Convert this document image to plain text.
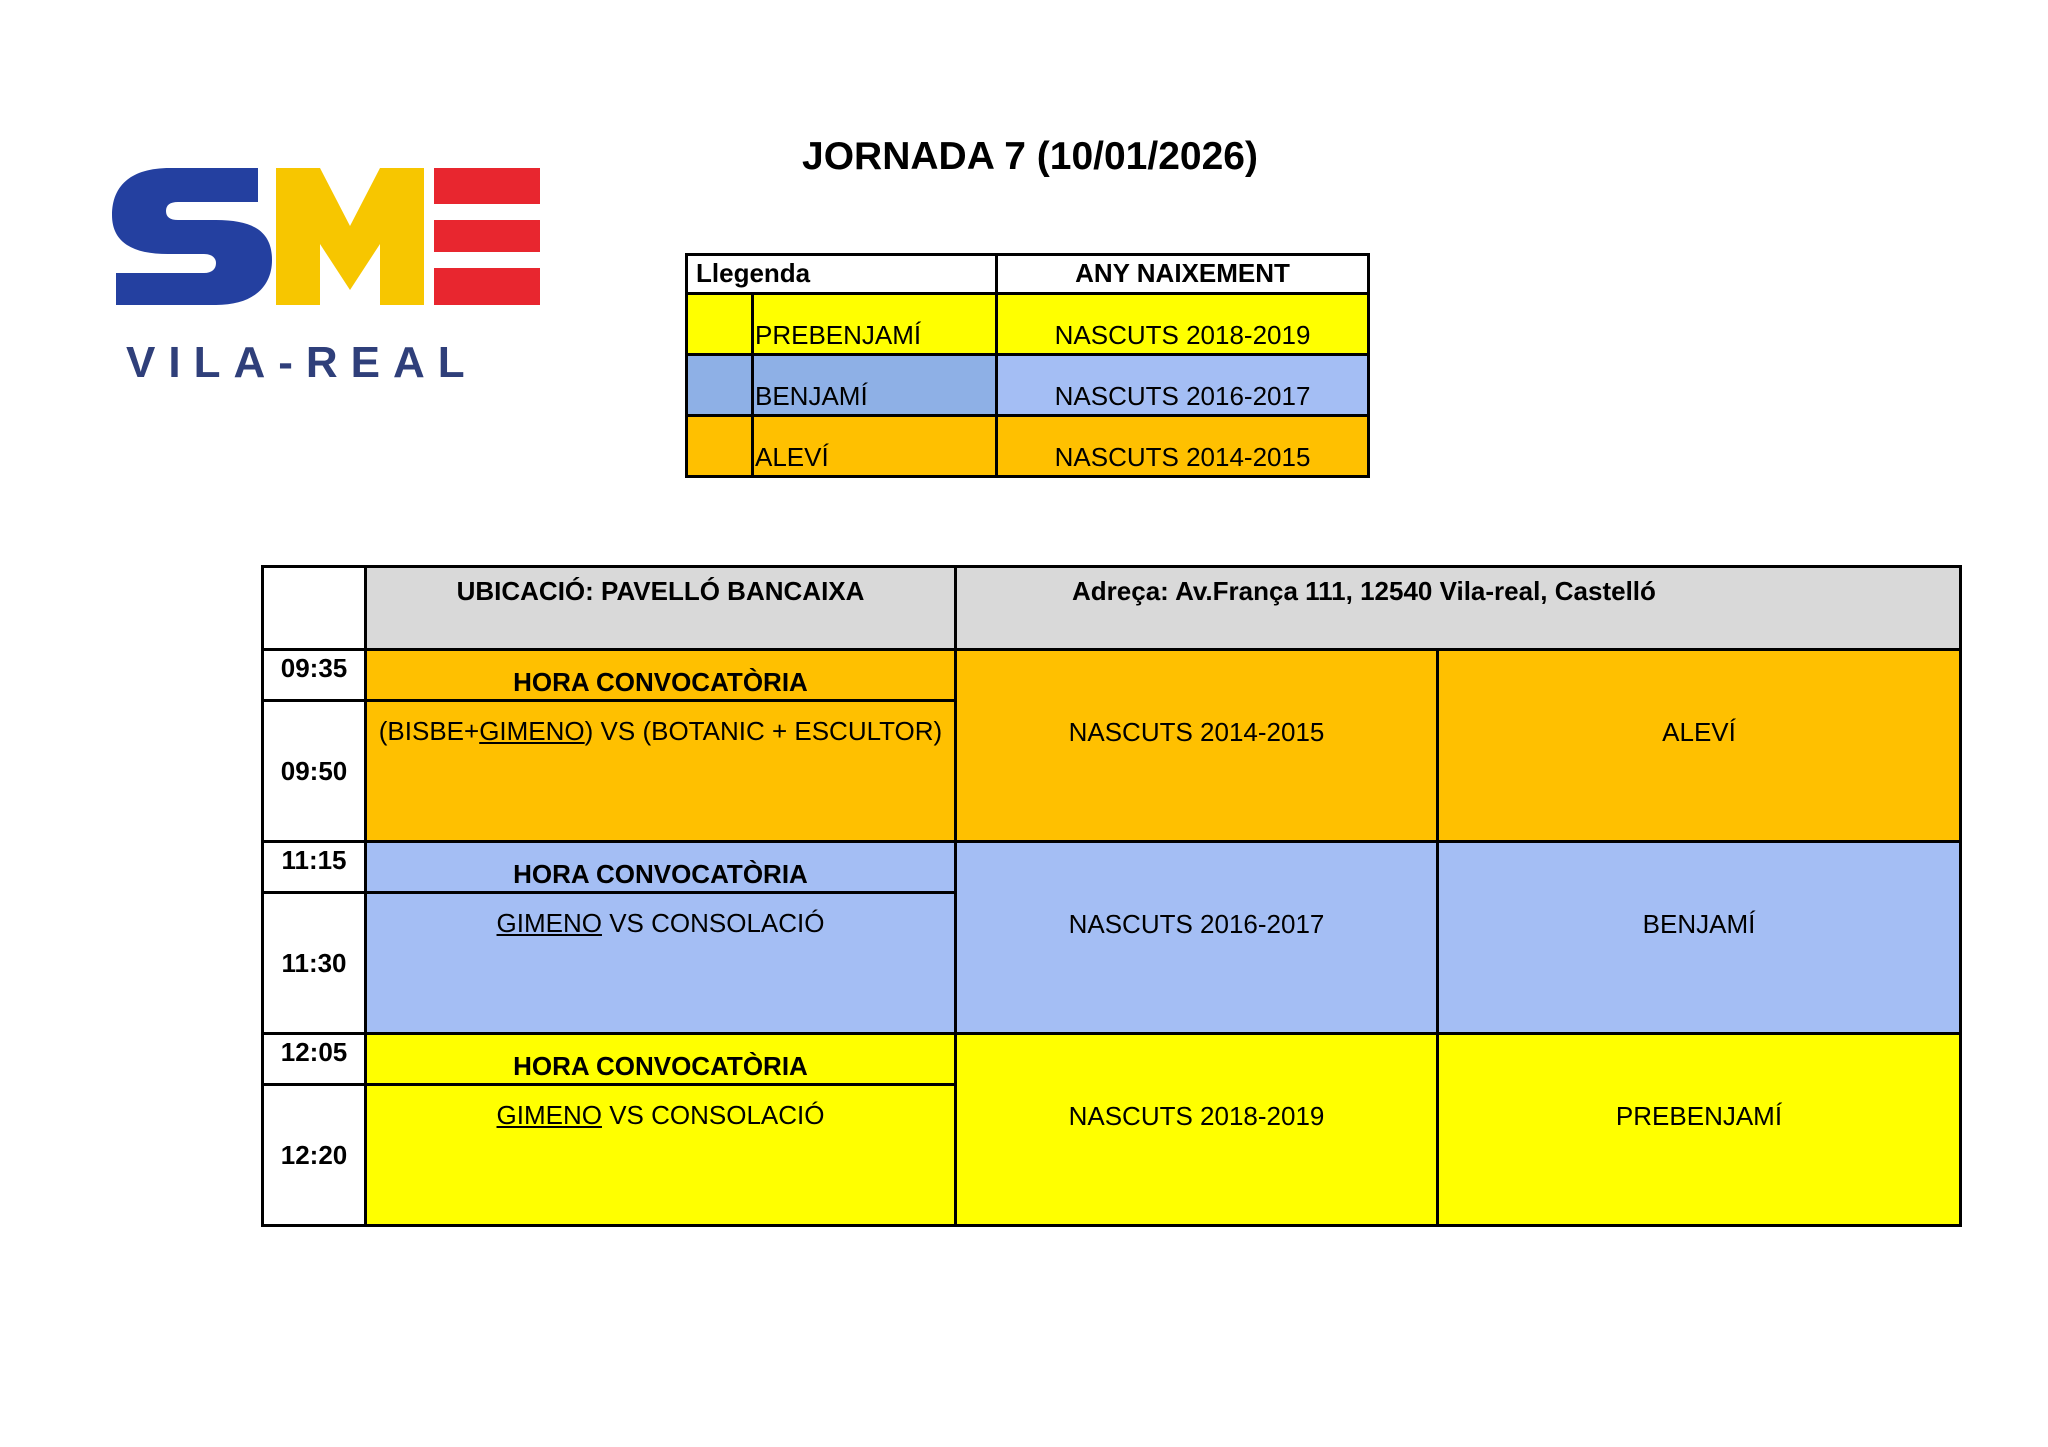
VILA-REAL
JORNADA 7 (10/01/2026)
Llegenda		ANY NAIXEMENT
	PREBENJAMÍ	NASCUTS 2018-2019
	BENJAMÍ	NASCUTS 2016-2017
	ALEVÍ	NASCUTS 2014-2015
	UBICACIÓ: PAVELLÓ BANCAIXA	Adreça: Av.França 111, 12540 Vila-real, Castelló	
09:35	HORA CONVOCATÒRIA	NASCUTS 2014-2015	ALEVÍ
09:50	(BISBE+GIMENO) VS (BOTANIC + ESCULTOR)		
11:15	HORA CONVOCATÒRIA	NASCUTS 2016-2017	BENJAMÍ
11:30	GIMENO VS CONSOLACIÓ		
12:05	HORA CONVOCATÒRIA	NASCUTS 2018-2019	PREBENJAMÍ
12:20	GIMENO VS CONSOLACIÓ		
